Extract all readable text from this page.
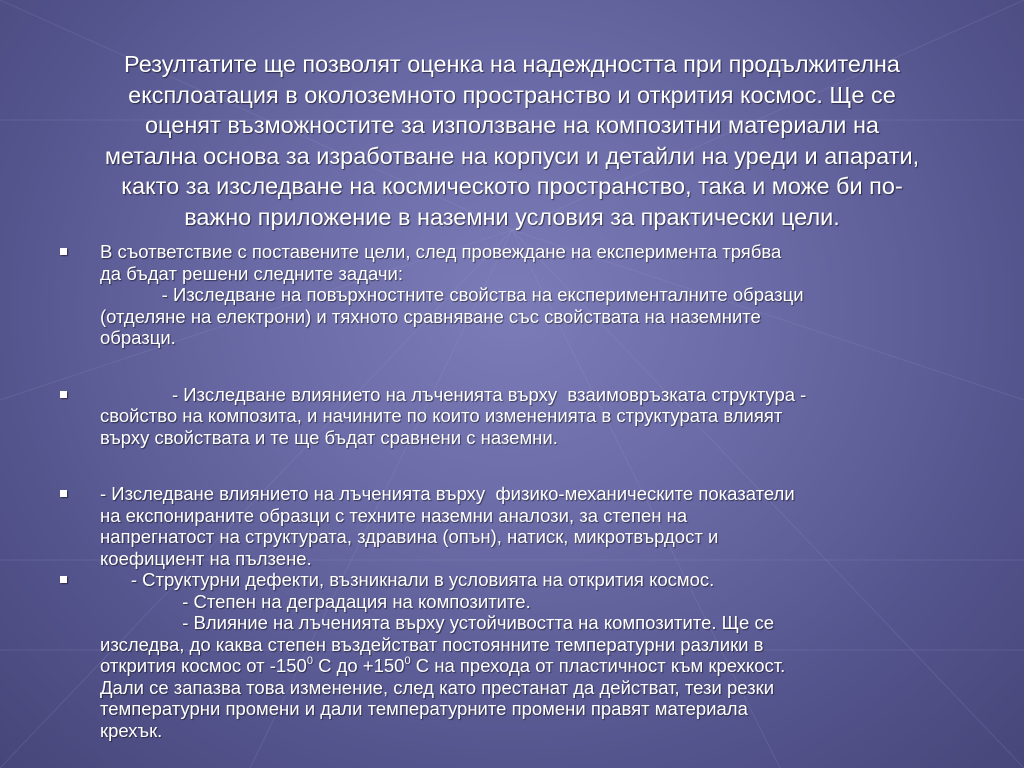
Резултатите ще позволят оценка на надеждността при продължителна
експлоатация в околоземното пространство и открития космос. Ще се
оценят възможностите за използване на композитни материали на
метална основа за изработване на корпуси и детайли на уреди и апарати,
както за изследване на космическото пространство, така и може би по-
важно приложение в наземни условия за практически цели.
В съответствие с поставените цели, след провеждане на експеримента трябва
да бъдат решени следните задачи:
- Изследване на повърхностните свойства на експерименталните образци
(отделяне на електрони) и тяхното сравняване със свойствата на наземните
образци.
- Изследване влиянието на лъченията върху  взаимовръзката структура -
свойство на композита, и начините по които измененията в структурата влияят
върху свойствата и те ще бъдат сравнени с наземни.
- Изследване влиянието на лъченията върху  физико-механическите показатели
на експонираните образци с техните наземни аналози, за степен на
напрегнатост на структурата, здравина (опън), натиск, микротвърдост и
коефициент на пълзене.
- Структурни дефекти, възникнали в условията на открития космос.
- Степен на деградация на композитите.
- Влияние на лъченията върху устойчивостта на композитите. Ще се
изследва, до каква степен въздействат постоянните температурни разлики в
открития космос от $-150^0$ С до $+150^0$ С на прехода от пластичност към крехкост.
Дали се запазва това изменение, след като престанат да действат, тези резки
температурни промени и дали температурните промени правят материала
крехък.
